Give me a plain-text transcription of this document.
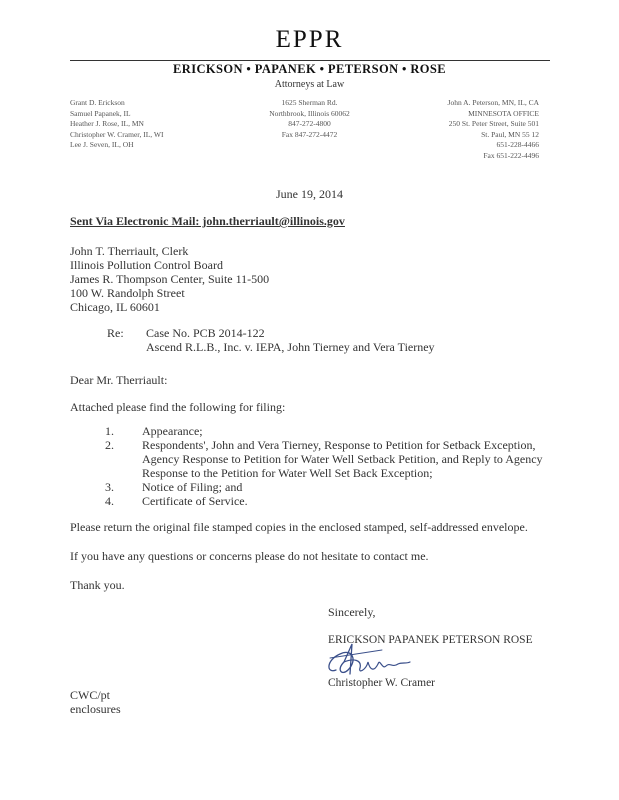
EPPR
ERICKSON • PAPANEK • PETERSON • ROSE
Attorneys at Law
Grant D. Erickson
Samuel Papanek, IL
Heather J. Rose, IL, MN
Christopher W. Cramer, IL, WI
Lee J. Seven, IL, OH
1625 Sherman Rd.
Northbrook, Illinois 60062
847-272-4800
Fax 847-272-4472
John A. Peterson, MN, IL, CA
MINNESOTA OFFICE
250 St. Peter Street, Suite 501
St. Paul, MN 55 12
651-228-4466
Fax 651-222-4496
June 19, 2014
Sent Via Electronic Mail: john.therriault@illinois.gov
John T. Therriault, Clerk
Illinois Pollution Control Board
James R. Thompson Center, Suite 11-500
100 W. Randolph Street
Chicago, IL 60601
Re: Case No. PCB 2014-122
Ascend R.L.B., Inc. v. IEPA, John Tierney and Vera Tierney
Dear Mr. Therriault:
Attached please find the following for filing:
1.	Appearance;
2.	Respondents', John and Vera Tierney, Response to Petition for Setback Exception, Agency Response to Petition for Water Well Setback Petition, and Reply to Agency Response to the Petition for Water Well Set Back Exception;
3.	Notice of Filing; and
4.	Certificate of Service.
Please return the original file stamped copies in the enclosed stamped, self-addressed envelope.
If you have any questions or concerns please do not hesitate to contact me.
Thank you.
Sincerely,
ERICKSON PAPANEK PETERSON ROSE
Christopher W. Cramer
CWC/pt
enclosures
